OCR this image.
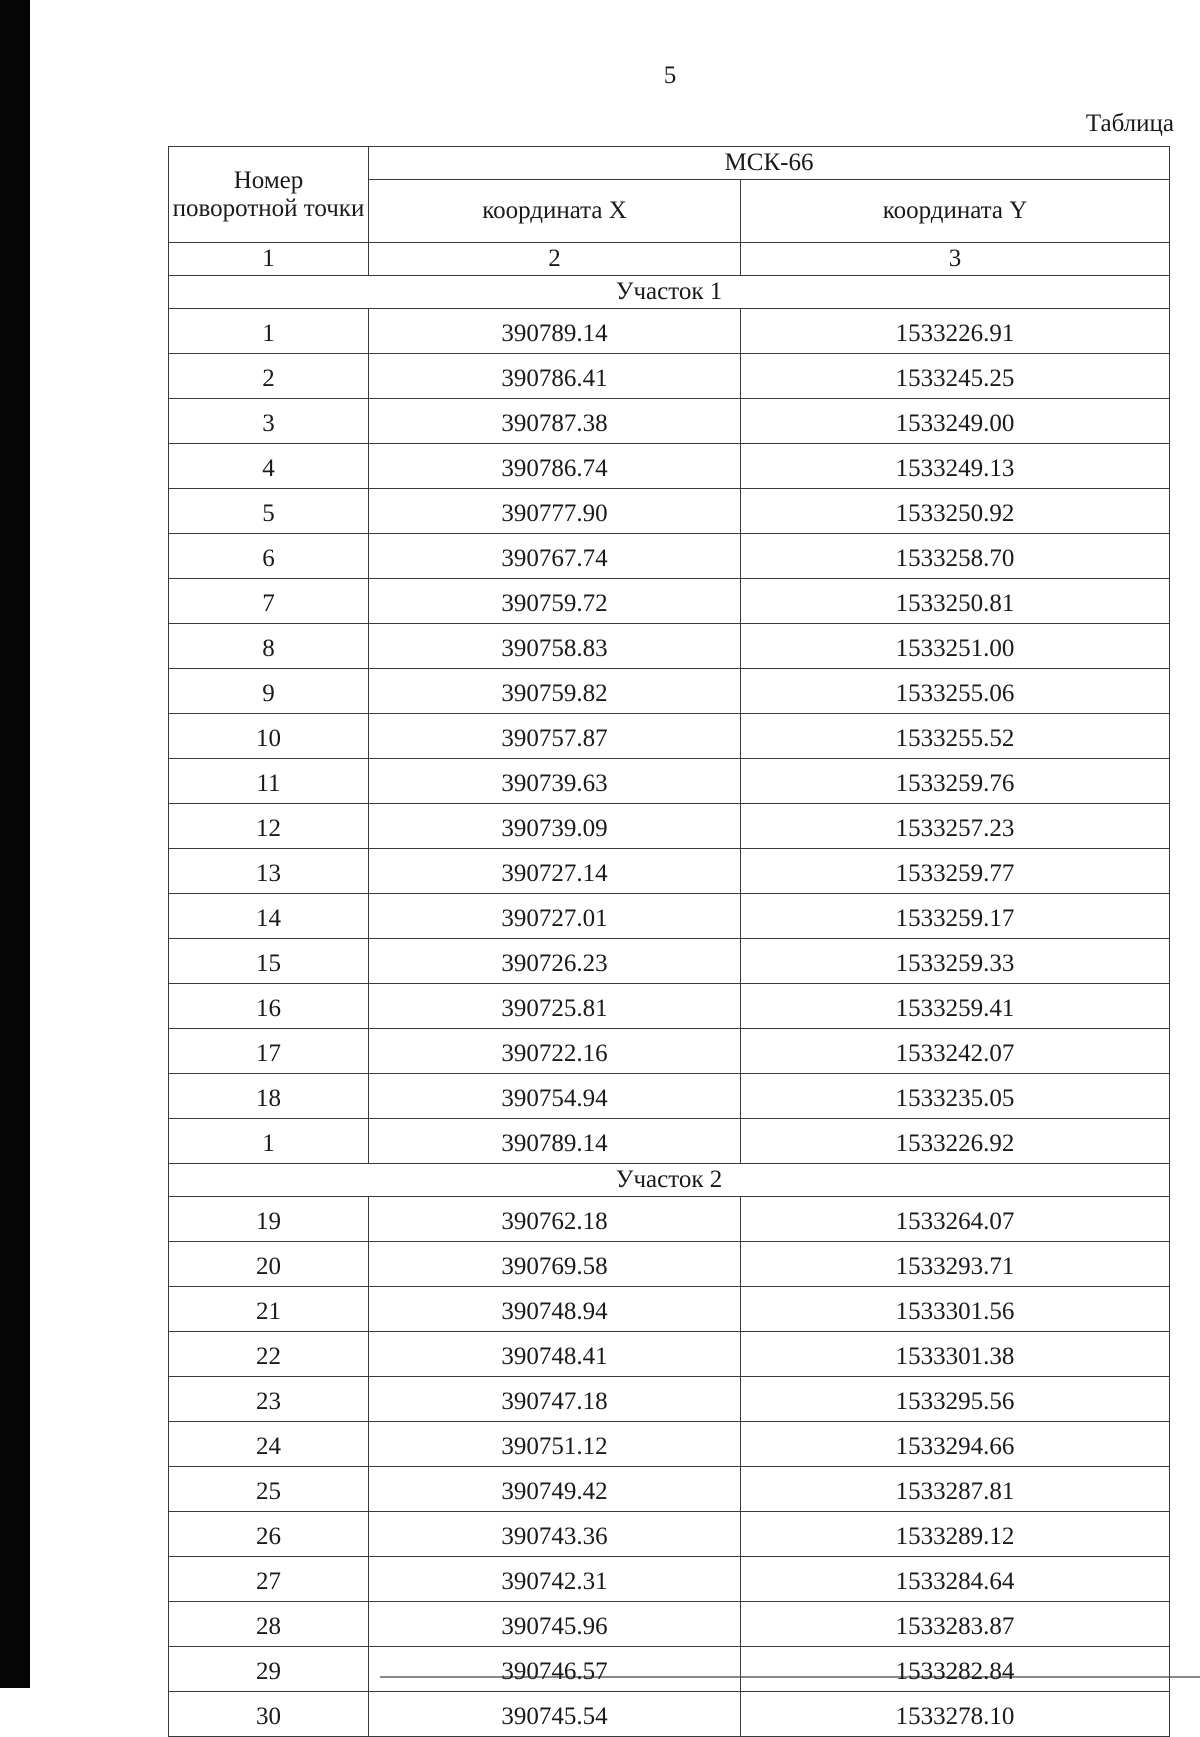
5
Таблица
Номер поворотной точки	МСК-66	
	координата X	координата Y
1	2	3
Участок 1		
1	390789.14	1533226.91
2	390786.41	1533245.25
3	390787.38	1533249.00
4	390786.74	1533249.13
5	390777.90	1533250.92
6	390767.74	1533258.70
7	390759.72	1533250.81
8	390758.83	1533251.00
9	390759.82	1533255.06
10	390757.87	1533255.52
11	390739.63	1533259.76
12	390739.09	1533257.23
13	390727.14	1533259.77
14	390727.01	1533259.17
15	390726.23	1533259.33
16	390725.81	1533259.41
17	390722.16	1533242.07
18	390754.94	1533235.05
1	390789.14	1533226.92
Участок 2		
19	390762.18	1533264.07
20	390769.58	1533293.71
21	390748.94	1533301.56
22	390748.41	1533301.38
23	390747.18	1533295.56
24	390751.12	1533294.66
25	390749.42	1533287.81
26	390743.36	1533289.12
27	390742.31	1533284.64
28	390745.96	1533283.87
29	390746.57	1533282.84
30	390745.54	1533278.10
